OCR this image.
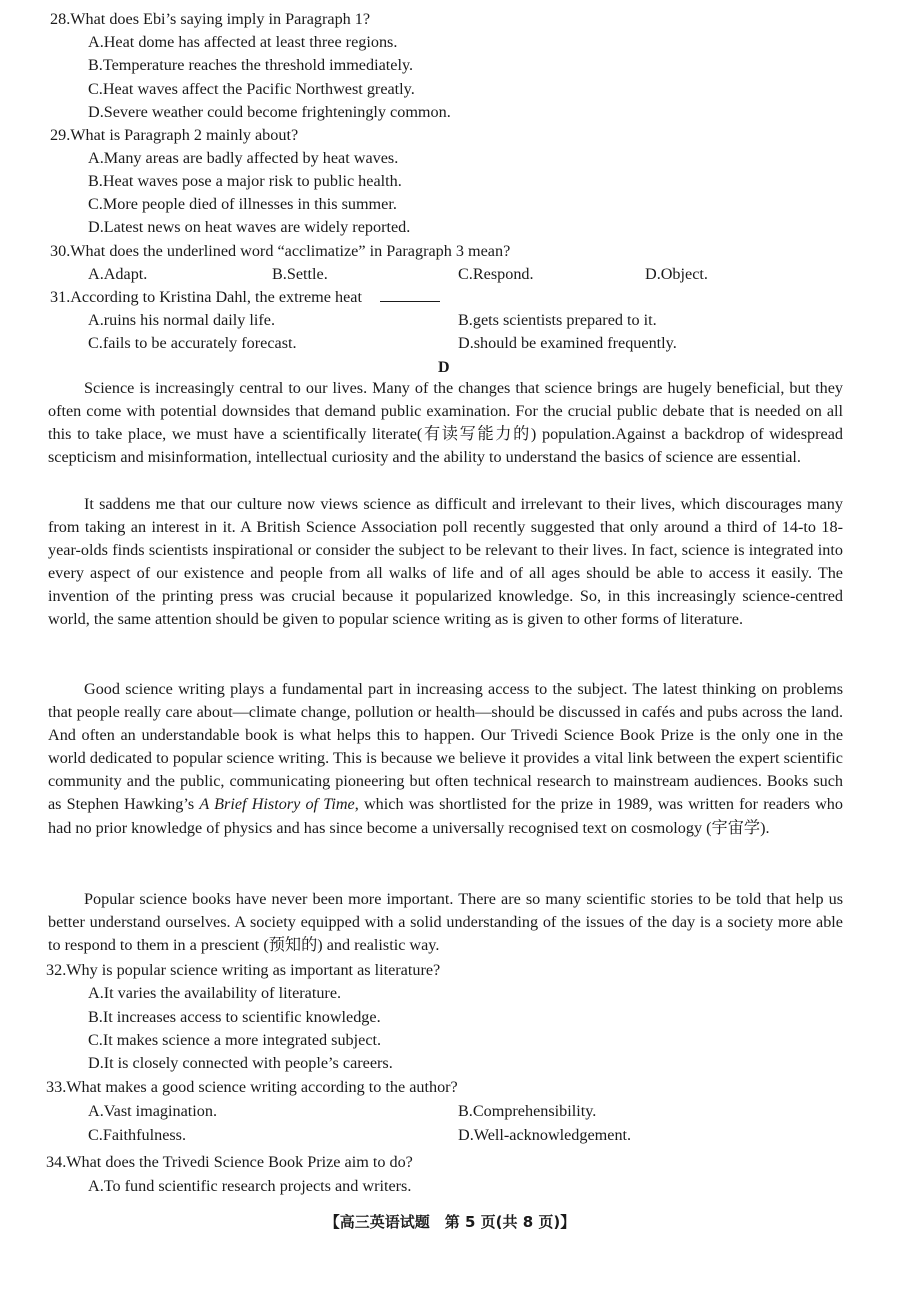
28.What does Ebi’s saying imply in Paragraph 1?
A.Heat dome has affected at least three regions.
B.Temperature reaches the threshold immediately.
C.Heat waves affect the Pacific Northwest greatly.
D.Severe weather could become frighteningly common.
29.What is Paragraph 2 mainly about?
A.Many areas are badly affected by heat waves.
B.Heat waves pose a major risk to public health.
C.More people died of illnesses in this summer.
D.Latest news on heat waves are widely reported.
30.What does the underlined word “acclimatize” in Paragraph 3 mean?
A.Adapt.	B.Settle.	C.Respond.	D.Object.
31.According to Kristina Dahl, the extreme heat
A.ruins his normal daily life.	B.gets scientists prepared to it.
C.fails to be accurately forecast.	D.should be examined frequently.
D
Science is increasingly central to our lives. Many of the changes that science brings are hugely beneficial, but they often come with potential downsides that demand public examination. For the crucial public debate that is needed on all this to take place, we must have a scientifically literate(有读写能力的) population.Against a backdrop of widespread scepticism and misinformation, intellectual curiosity and the ability to understand the basics of science are essential.
It saddens me that our culture now views science as difficult and irrelevant to their lives, which discourages many from taking an interest in it. A British Science Association poll recently suggested that only around a third of 14-to 18-year-olds finds scientists inspirational or consider the subject to be relevant to their lives. In fact, science is integrated into every aspect of our existence and people from all walks of life and of all ages should be able to access it easily. The invention of the printing press was crucial because it popularized knowledge. So, in this increasingly science-centred world, the same attention should be given to popular science writing as is given to other forms of literature.
Good science writing plays a fundamental part in increasing access to the subject. The latest thinking on problems that people really care about—climate change, pollution or health—should be discussed in cafés and pubs across the land. And often an understandable book is what helps this to happen. Our Trivedi Science Book Prize is the only one in the world dedicated to popular science writing. This is because we believe it provides a vital link between the expert scientific community and the public, communicating pioneering but often technical research to mainstream audiences. Books such as Stephen Hawking’s A Brief History of Time, which was shortlisted for the prize in 1989, was written for readers who had no prior knowledge of physics and has since become a universally recognised text on cosmology (宇宙学).
Popular science books have never been more important. There are so many scientific stories to be told that help us better understand ourselves. A society equipped with a solid understanding of the issues of the day is a society more able to respond to them in a prescient (预知的) and realistic way.
32.Why is popular science writing as important as literature?
A.It varies the availability of literature.
B.It increases access to scientific knowledge.
C.It makes science a more integrated subject.
D.It is closely connected with people’s careers.
33.What makes a good science writing according to the author?
A.Vast imagination.	B.Comprehensibility.
C.Faithfulness.	D.Well-acknowledgement.
34.What does the Trivedi Science Book Prize aim to do?
A.To fund scientific research projects and writers.
【高三英语试题　第 5 页(共 8 页)】
